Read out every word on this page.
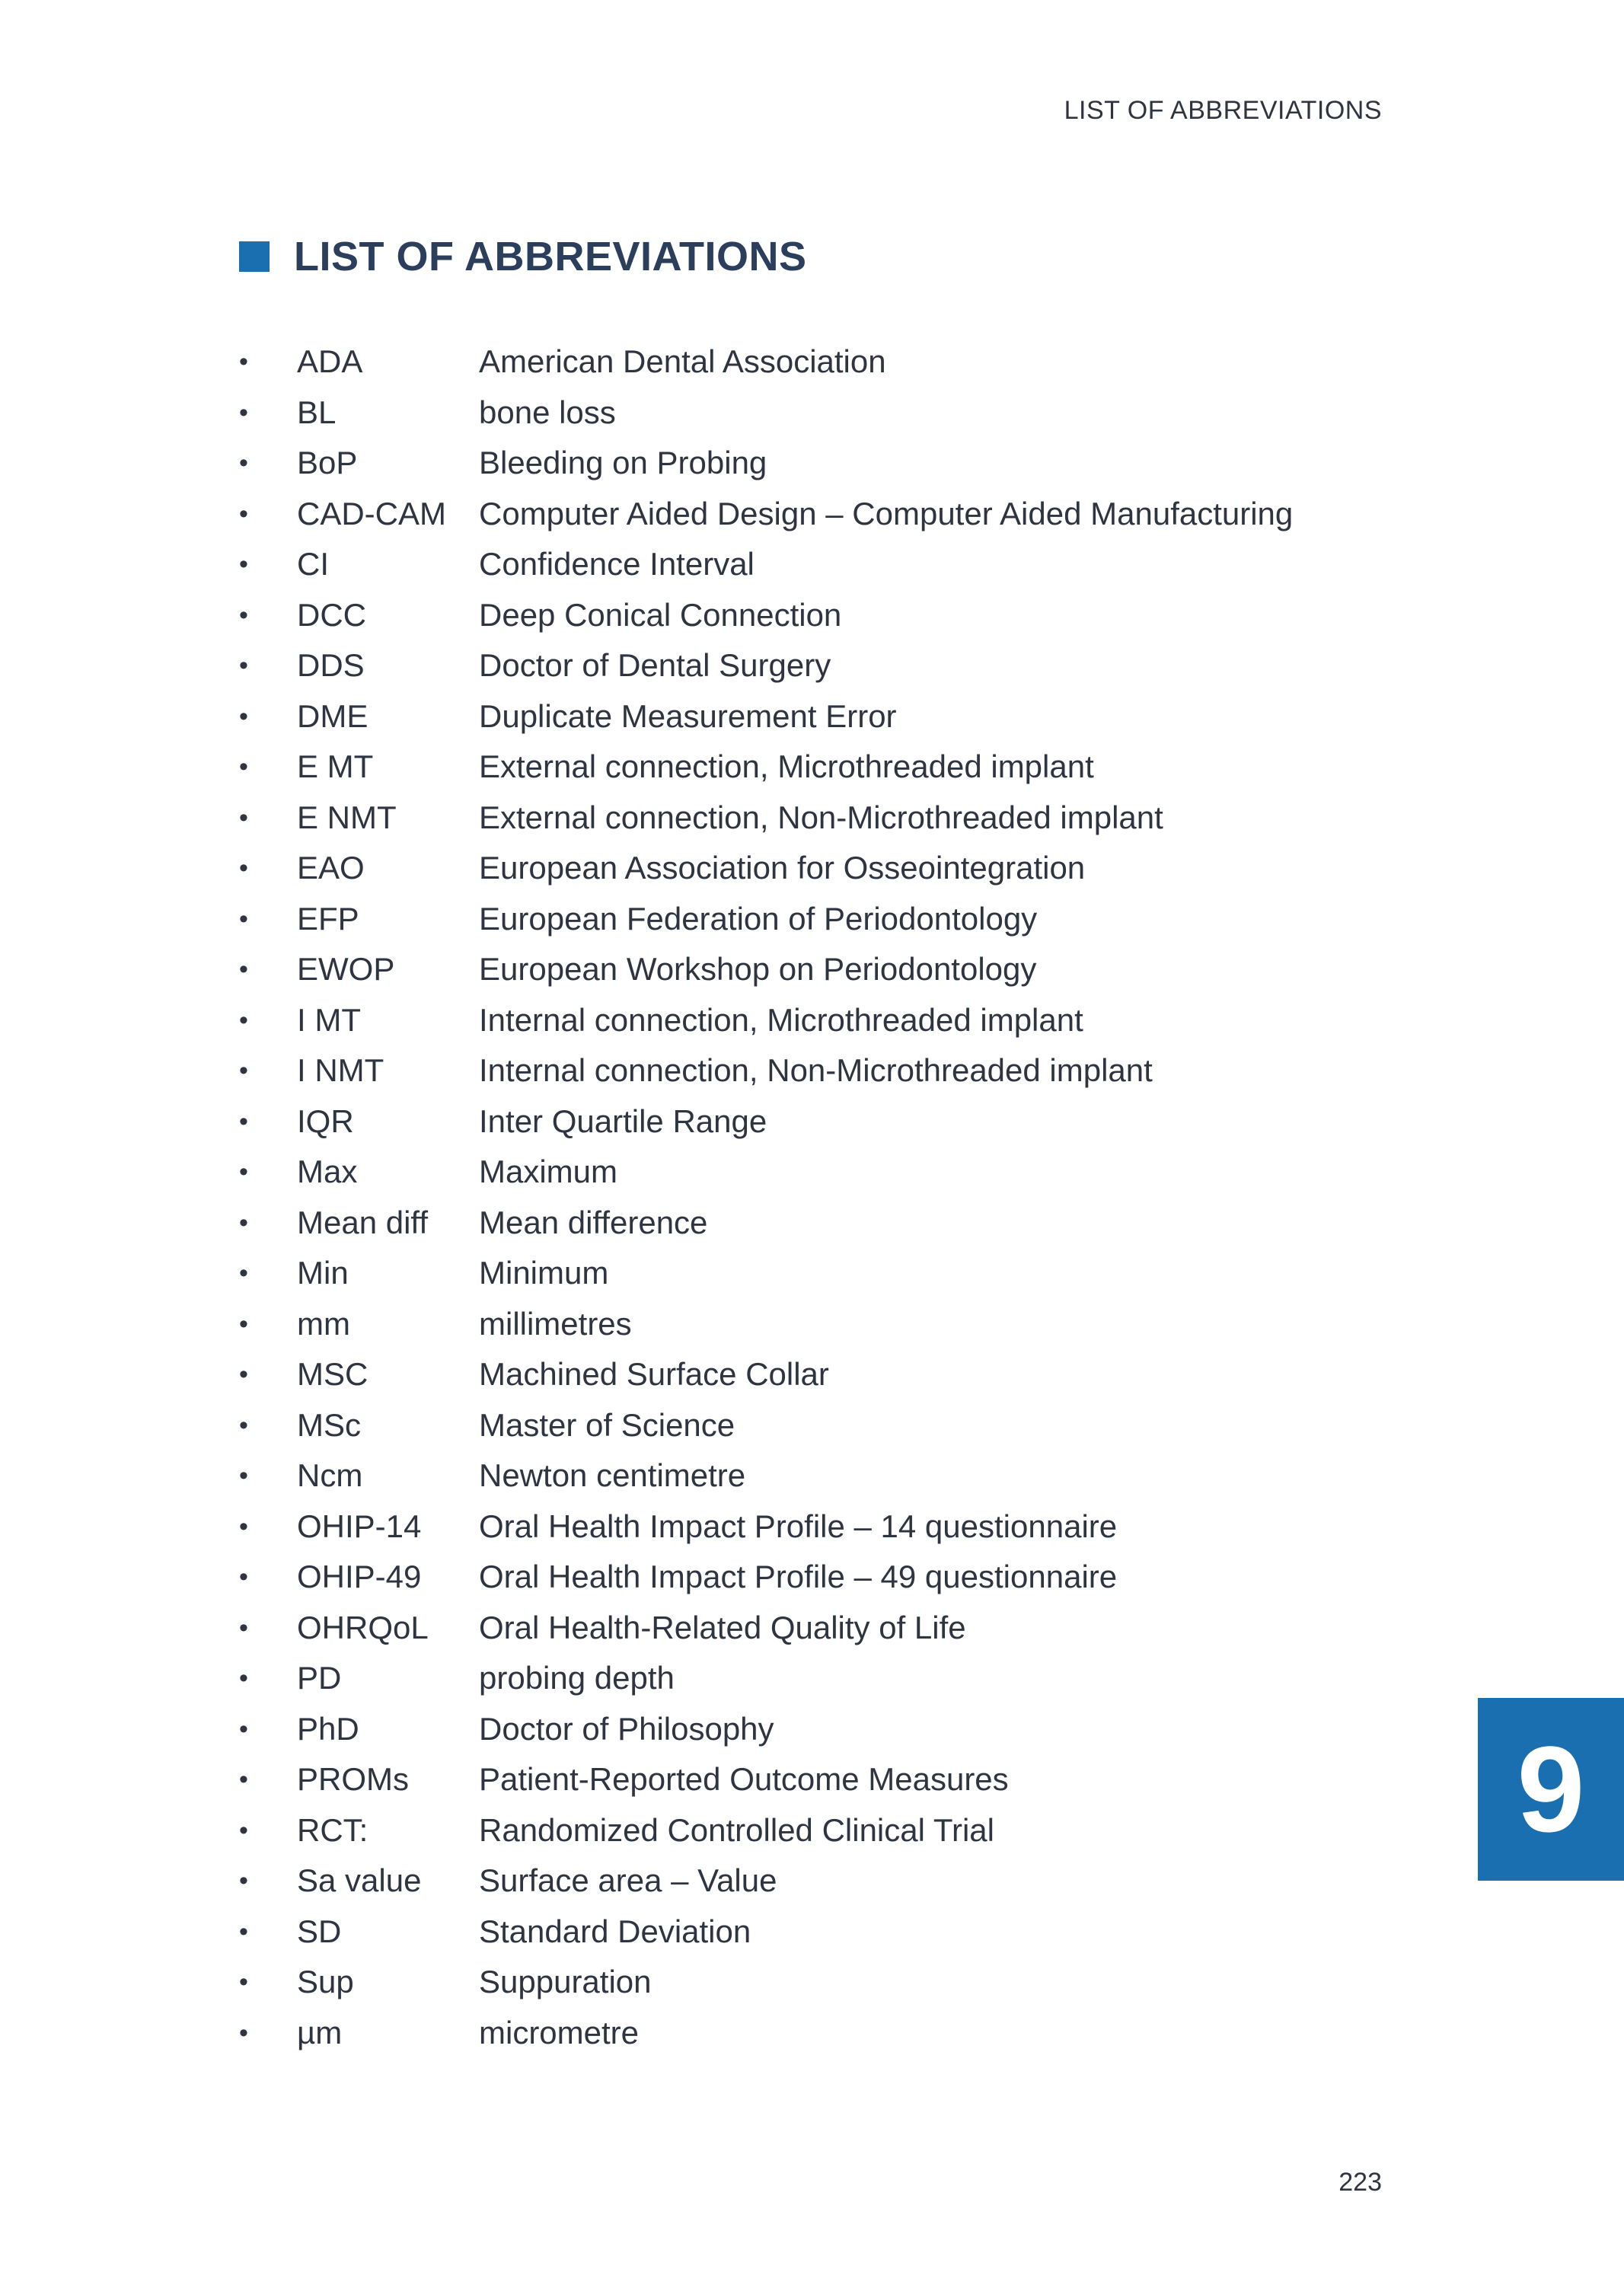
LIST OF ABBREVIATIONS
LIST OF ABBREVIATIONS
•	ADA	American Dental Association
•	BL	bone loss
•	BoP	Bleeding on Probing
•	CAD-CAM	Computer Aided Design – Computer Aided Manufacturing
•	CI	Confidence Interval
•	DCC	Deep Conical Connection
•	DDS	Doctor of Dental Surgery
•	DME	Duplicate Measurement Error
•	E MT	External connection, Microthreaded implant
•	E NMT	External connection, Non-Microthreaded implant
•	EAO	European Association for Osseointegration
•	EFP	European Federation of Periodontology
•	EWOP	European Workshop on Periodontology
•	I MT	Internal connection, Microthreaded implant
•	I NMT	Internal connection, Non-Microthreaded implant
•	IQR	Inter Quartile Range
•	Max	Maximum
•	Mean diff	Mean difference
•	Min	Minimum
•	mm	millimetres
•	MSC	Machined Surface Collar
•	MSc	Master of Science
•	Ncm	Newton centimetre
•	OHIP-14	Oral Health Impact Profile – 14 questionnaire
•	OHIP-49	Oral Health Impact Profile – 49 questionnaire
•	OHRQoL	Oral Health-Related Quality of Life
•	PD	probing depth
•	PhD	Doctor of Philosophy
•	PROMs	Patient-Reported Outcome Measures
•	RCT:	Randomized Controlled Clinical Trial
•	Sa value	Surface area – Value
•	SD	Standard Deviation
•	Sup	Suppuration
•	µm	micrometre
9
223
